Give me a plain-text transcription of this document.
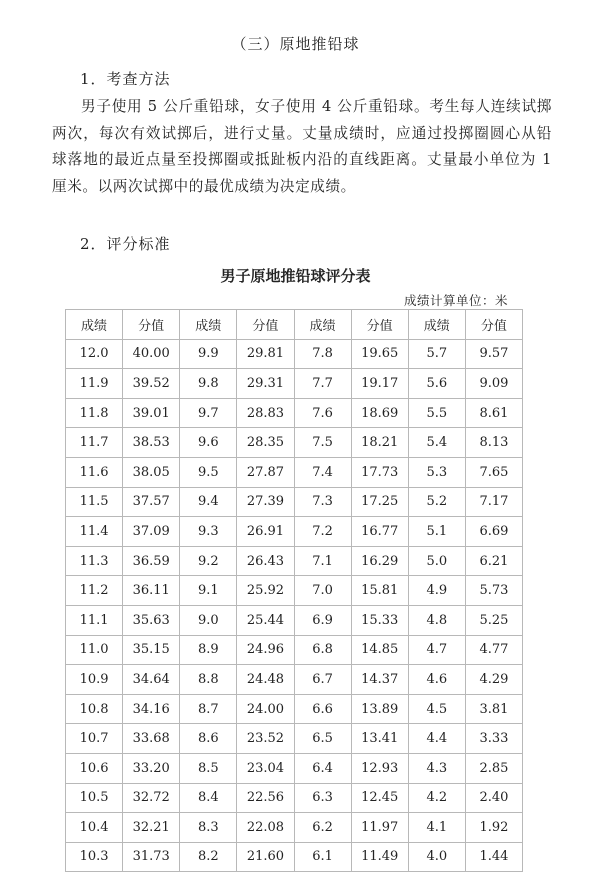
（三）原地推铅球
1．考查方法
男子使用 5 公斤重铅球，女子使用 4 公斤重铅球。考生每人连续试掷两次，每次有效试掷后，进行丈量。丈量成绩时，应通过投掷圈圆心从铅球落地的最近点量至投掷圈或抵趾板内沿的直线距离。丈量最小单位为 1 厘米。以两次试掷中的最优成绩为决定成绩。
2．评分标准
男子原地推铅球评分表
成绩计算单位：米
成绩	分值	成绩	分值	成绩	分值	成绩	分值
12.0	40.00	9.9	29.81	7.8	19.65	5.7	9.57
11.9	39.52	9.8	29.31	7.7	19.17	5.6	9.09
11.8	39.01	9.7	28.83	7.6	18.69	5.5	8.61
11.7	38.53	9.6	28.35	7.5	18.21	5.4	8.13
11.6	38.05	9.5	27.87	7.4	17.73	5.3	7.65
11.5	37.57	9.4	27.39	7.3	17.25	5.2	7.17
11.4	37.09	9.3	26.91	7.2	16.77	5.1	6.69
11.3	36.59	9.2	26.43	7.1	16.29	5.0	6.21
11.2	36.11	9.1	25.92	7.0	15.81	4.9	5.73
11.1	35.63	9.0	25.44	6.9	15.33	4.8	5.25
11.0	35.15	8.9	24.96	6.8	14.85	4.7	4.77
10.9	34.64	8.8	24.48	6.7	14.37	4.6	4.29
10.8	34.16	8.7	24.00	6.6	13.89	4.5	3.81
10.7	33.68	8.6	23.52	6.5	13.41	4.4	3.33
10.6	33.20	8.5	23.04	6.4	12.93	4.3	2.85
10.5	32.72	8.4	22.56	6.3	12.45	4.2	2.40
10.4	32.21	8.3	22.08	6.2	11.97	4.1	1.92
10.3	31.73	8.2	21.60	6.1	11.49	4.0	1.44
